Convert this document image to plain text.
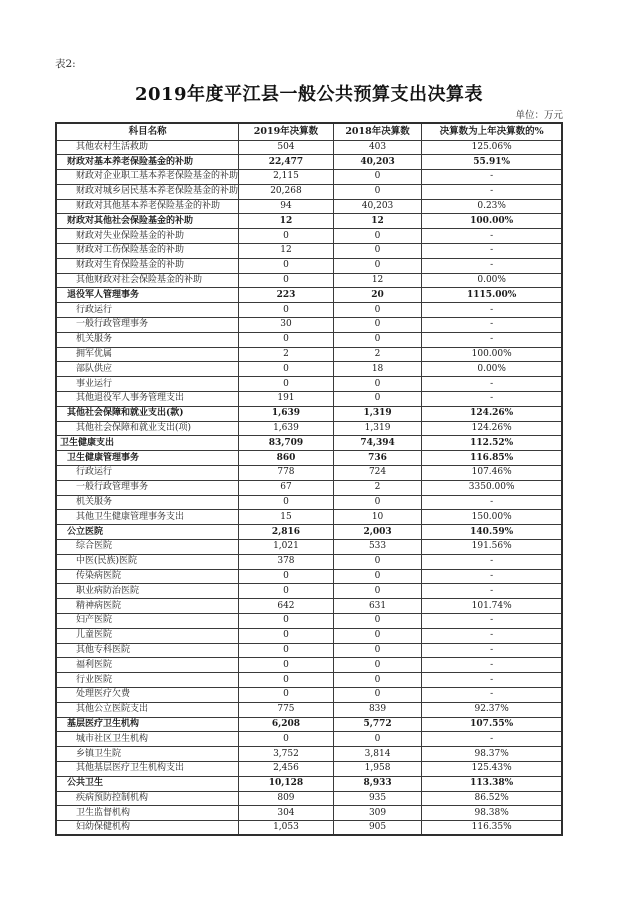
表2:
2019年度平江县一般公共预算支出决算表
单位：万元
科目名称	2019年决算数	2018年决算数	决算数为上年决算数的%
其他农村生活救助	504	403	125.06%
财政对基本养老保险基金的补助	22,477	40,203	55.91%
财政对企业职工基本养老保险基金的补助	2,115	0	-
财政对城乡居民基本养老保险基金的补助	20,268	0	-
财政对其他基本养老保险基金的补助	94	40,203	0.23%
财政对其他社会保险基金的补助	12	12	100.00%
财政对失业保险基金的补助	0	0	-
财政对工伤保险基金的补助	12	0	-
财政对生育保险基金的补助	0	0	-
其他财政对社会保险基金的补助	0	12	0.00%
退役军人管理事务	223	20	1115.00%
行政运行	0	0	-
一般行政管理事务	30	0	-
机关服务	0	0	-
拥军优属	2	2	100.00%
部队供应	0	18	0.00%
事业运行	0	0	-
其他退役军人事务管理支出	191	0	-
其他社会保障和就业支出(款)	1,639	1,319	124.26%
其他社会保障和就业支出(项)	1,639	1,319	124.26%
卫生健康支出	83,709	74,394	112.52%
卫生健康管理事务	860	736	116.85%
行政运行	778	724	107.46%
一般行政管理事务	67	2	3350.00%
机关服务	0	0	-
其他卫生健康管理事务支出	15	10	150.00%
公立医院	2,816	2,003	140.59%
综合医院	1,021	533	191.56%
中医(民族)医院	378	0	-
传染病医院	0	0	-
职业病防治医院	0	0	-
精神病医院	642	631	101.74%
妇产医院	0	0	-
儿童医院	0	0	-
其他专科医院	0	0	-
福利医院	0	0	-
行业医院	0	0	-
处理医疗欠费	0	0	-
其他公立医院支出	775	839	92.37%
基层医疗卫生机构	6,208	5,772	107.55%
城市社区卫生机构	0	0	-
乡镇卫生院	3,752	3,814	98.37%
其他基层医疗卫生机构支出	2,456	1,958	125.43%
公共卫生	10,128	8,933	113.38%
疾病预防控制机构	809	935	86.52%
卫生监督机构	304	309	98.38%
妇幼保健机构	1,053	905	116.35%
